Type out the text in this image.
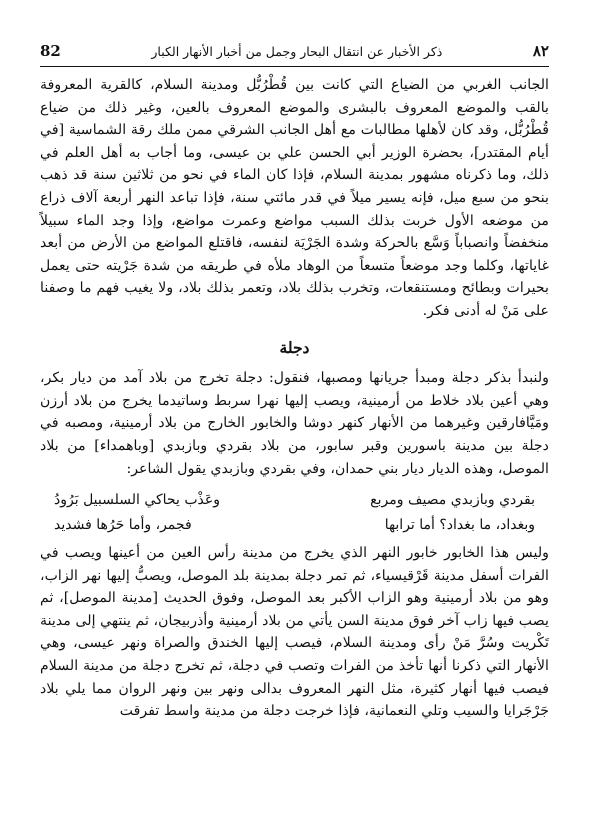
82	ذكر الأخبار عن انتقال البحار وجمل من أخبار الأنهار الكبار	٨٢

الجانب الغربي من الضياع التي كانت بين قُطْرُبُّل ومدينة السلام، كالقرية المعروفة بالقب والموضع المعروف بالبشرى والموضع المعروف بالعين، وغير ذلك من ضياع قُطْرُبُّل، وقد كان لأهلها مطالبات مع أهل الجانب الشرقي ممن ملك رقة الشماسية [في أيام المقتدر]، بحضرة الوزير أبي الحسن علي بن عيسى، وما أجاب به أهل العلم في ذلك، وما ذكرناه مشهور بمدينة السلام، فإذا كان الماء في نحو من ثلاثين سنة قد ذهب بنحو من سبع ميل، فإنه يسير ميلاً في قدر مائتي سنة، فإذا تباعد النهر أربعة آلاف ذراع من موضعه الأول خربت بذلك السبب مواضع وعمرت مواضع، وإذا وجد الماء سبيلاً منخفضاً وانصباباً وَسَّع بالحركة وشدة الجَرْيَة لنفسه، فاقتلع المواضع من الأرض من أبعد غاياتها، وكلما وجد موضعاً متسعاً من الوهاد ملأه في طريقه من شدة جَرْيته حتى يعمل بحيرات وبطائح ومستنقعات، وتخرب بذلك بلاد، وتعمر بذلك بلاد، ولا يغيب فهم ما وصفنا على مَنْ له أدنى فكر.

دجلة

ولنبدأ بذكر دجلة ومبدأ جريانها ومصبها، فنقول: دجلة تخرج من بلاد آمد من ديار بكر، وهي أعين بلاد خلاط من أرمينية، ويصب إليها نهرا سربط وساتيدما يخرج من بلاد أرزن ومَيَّافارقين وغيرهما من الأنهار كنهر دوشا والخابور الخارج من بلاد أرمينية، ومصبه في دجلة بين مدينة باسورين وقبر سابور، من بلاد بقردي وبازبدي [وباهمداء] من بلاد الموصل، وهذه الديار ديار بني حمدان، وفي بقردي وبازبدي يقول الشاعر:

بقردي وبازبدي مصيف ومربع
وعَذْب يحاكي السلسبيل بَرُودُ
وبغداد، ما بغداد؟ أما ترابها
فجمر، وأما حَرُها فشديد

وليس هذا الخابور خابور النهر الذي يخرج من مدينة رأس العين من أعينها ويصب في الفرات أسفل مدينة قَرْقيسياء، ثم تمر دجلة بمدينة بلد الموصل، ويصبُّ إليها نهر الزاب، وهو من بلاد أرمينية وهو الزاب الأكبر بعد الموصل، وفوق الحديث [مدينة الموصل]، ثم يصب فيها زاب آخر فوق مدينة السن يأتي من بلاد أرمينية وأذربيجان، ثم ينتهي إلى مدينة تَكْريت وسُرَّ مَنْ رأى ومدينة السلام، فيصب إليها الخندق والصراة ونهر عيسى، وهي الأنهار التي ذكرنا أنها تأخذ من الفرات وتصب في دجلة، ثم تخرج دجلة من مدينة السلام فيصب فيها أنهار كثيرة، مثل النهر المعروف بدالى ونهر بين ونهر الروان مما يلي بلاد جَرْجَرايا والسيب وتلي النعمانية، فإذا خرجت دجلة من مدينة واسط تفرقت
